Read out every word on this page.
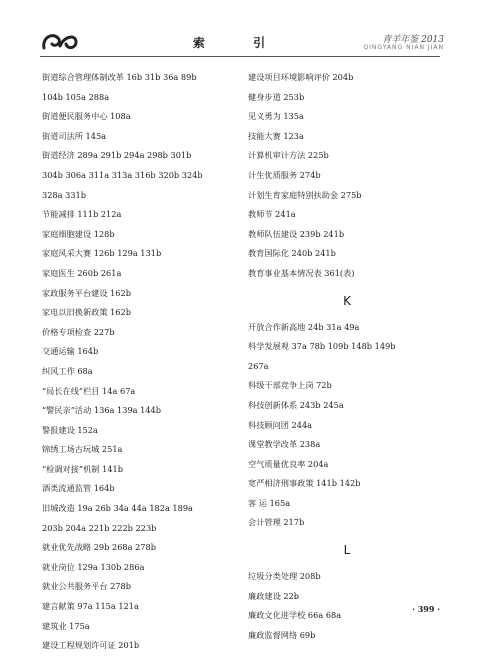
索 引	青羊年鉴 2013
QINGYANG NIAN JIAN
街道综合管理体制改革 16b 31b 36a 89b
104b 105a 288a
街道便民服务中心 108a
街道司法所 145a
街道经济 289a 291b 294a 298b 301b
304b 306a 311a 313a 316b 320b 324b
328a 331b
节能减排 111b 212a
家庭细胞建设 128b
家庭风采大赛 126b 129a 131b
家庭医生 260b 261a
家政服务平台建设 162b
家电以旧换新政策 162b
价格专项检查 227b
交通运输 164b
纠风工作 68a
“局长在线”栏目 14a 67a
“警民亲”活动 136a 139a 144b
警报建设 152a
锦绣工场古玩城 251a
“检调对接”机制 141b
酒类流通监管 164b
旧城改造 19a 26b 34a 44a 182a 189a
203b 204a 221b 222b 223b
就业优先战略 29b 268a 278b
就业岗位 129a 130b 286a
就业公共服务平台 278b
建言献策 97a 115a 121a
建筑业 175a
建设工程规划许可证 201b
建设项目环境影响评价 204b
健身步道 253b
见义勇为 135a
技能大赛 123a
计算机审计方法 225b
计生优质服务 274b
计划生育家庭特别扶助金 275b
教师节 241a
教师队伍建设 239b 241b
教育国际化 240b 241b
教育事业基本情况表 361(表)
K
开放合作新高地 24b 31a 49a
科学发展观 37a 78b 109b 148b 149b
267a
科级干部竞争上岗 72b
科技创新体系 243b 245a
科技顾问团 244a
课堂教学改革 238a
空气质量优良率 204a
宽严相济刑事政策 141b 142b
客 运 165a
会计管理 217b
L
垃圾分类处理 208b
廉政建设 22b
廉政文化进学校 66a 68a
廉政监督网络 69b
· 399 ·
